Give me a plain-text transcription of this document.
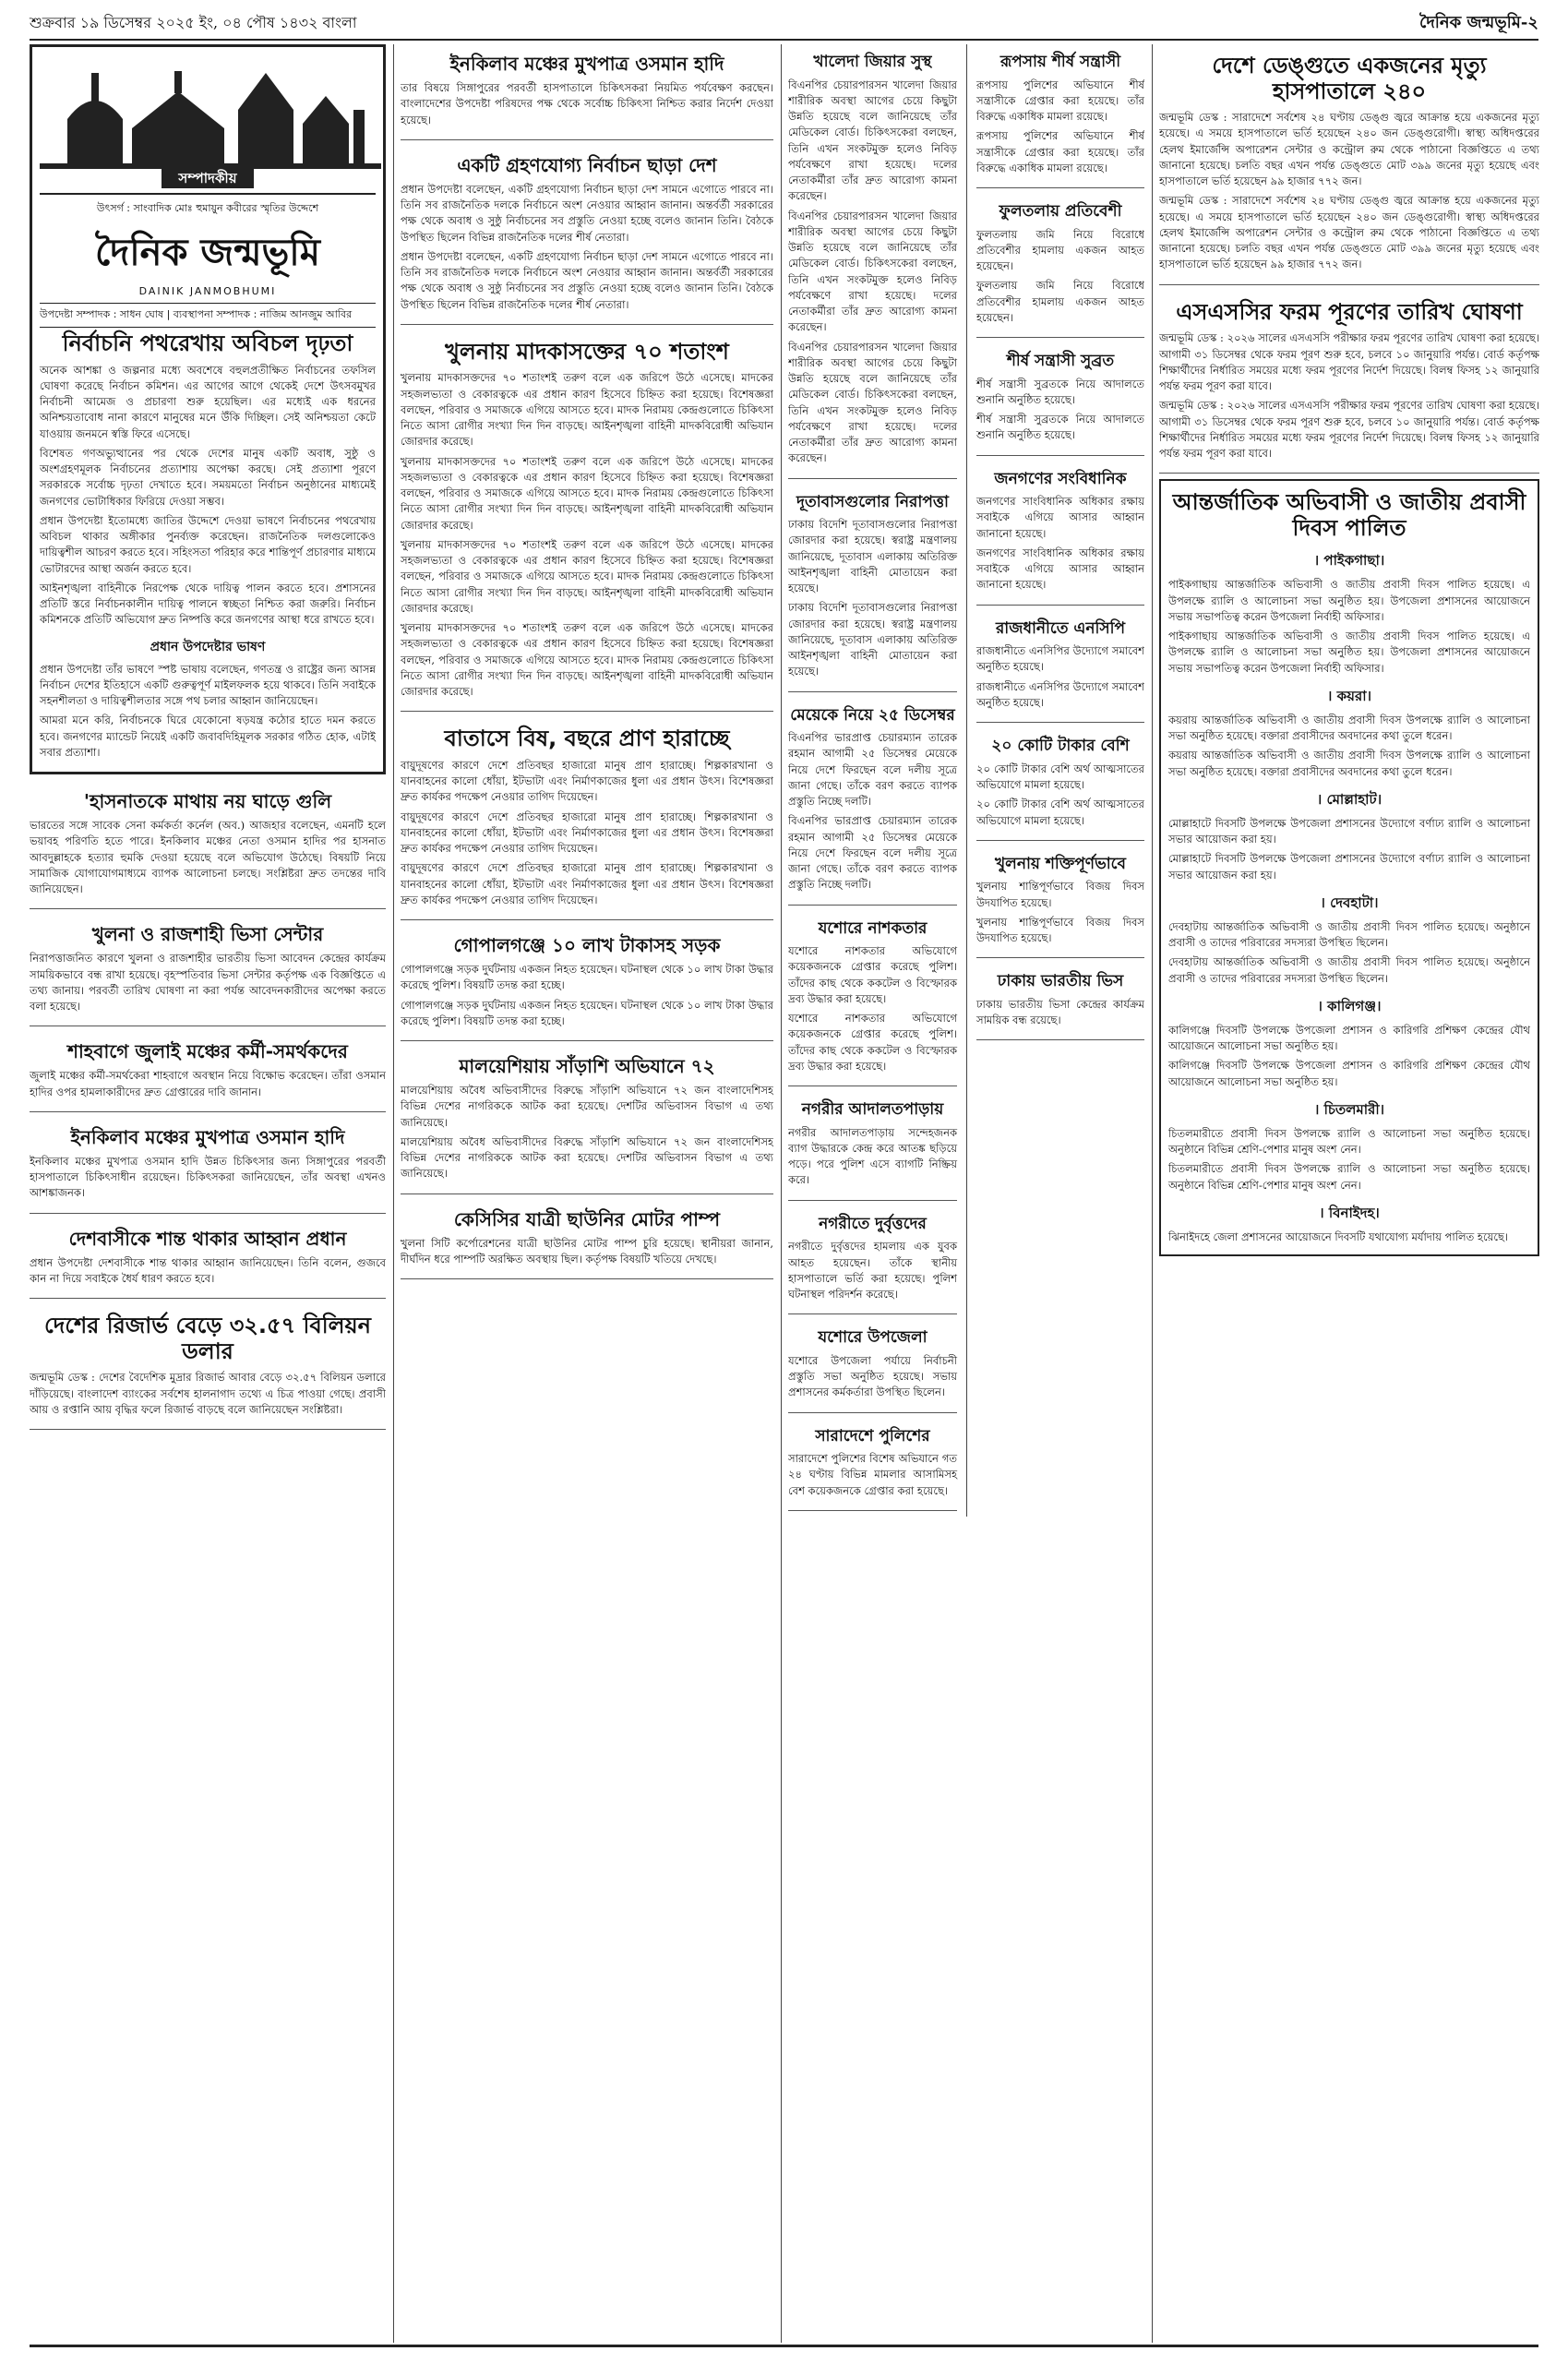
শুক্রবার ১৯ ডিসেম্বর ২০২৫ ইং, ০৪ পৌষ ১৪৩২ বাংলা	দৈনিক জন্মভূমি-২
সম্পাদকীয়
উৎসর্গ : সাংবাদিক মোঃ হুমায়ুন কবীরের স্মৃতির উদ্দেশে
দৈনিক জন্মভূমি
DAINIK JANMOBHUMI
উপদেষ্টা সম্পাদক : সাধন ঘোষ | ব্যবস্থাপনা সম্পাদক : নাজিম আনজুম আবির
নির্বাচনি পথরেখায় অবিচল দৃঢ়তা

অনেক আশঙ্কা ও জল্পনার মধ্যে অবশেষে বহুলপ্রতীক্ষিত নির্বাচনের তফসিল ঘোষণা করেছে নির্বাচন কমিশন। এর আগের আগে থেকেই দেশে উৎসবমুখর নির্বাচনী আমেজ ও প্রচারণা শুরু হয়েছিল। এর মধ্যেই এক ধরনের অনিশ্চয়তাবোধ নানা কারণে মানুষের মনে উঁকি দিচ্ছিল। সেই অনিশ্চয়তা কেটে যাওয়ায় জনমনে স্বস্তি ফিরে এসেছে।

বিশেষত গণঅভ্যুত্থানের পর থেকে দেশের মানুষ একটি অবাধ, সুষ্ঠু ও অংশগ্রহণমূলক নির্বাচনের প্রত্যাশায় অপেক্ষা করছে। সেই প্রত্যাশা পূরণে সরকারকে সর্বোচ্চ দৃঢ়তা দেখাতে হবে। সময়মতো নির্বাচন অনুষ্ঠানের মাধ্যমেই জনগণের ভোটাধিকার ফিরিয়ে দেওয়া সম্ভব।

প্রধান উপদেষ্টা ইতোমধ্যে জাতির উদ্দেশে দেওয়া ভাষণে নির্বাচনের পথরেখায় অবিচল থাকার অঙ্গীকার পুনর্ব্যক্ত করেছেন। রাজনৈতিক দলগুলোকেও দায়িত্বশীল আচরণ করতে হবে। সহিংসতা পরিহার করে শান্তিপূর্ণ প্রচারণার মাধ্যমে ভোটারদের আস্থা অর্জন করতে হবে।

আইনশৃঙ্খলা বাহিনীকে নিরপেক্ষ থেকে দায়িত্ব পালন করতে হবে। প্রশাসনের প্রতিটি স্তরে নির্বাচনকালীন দায়িত্ব পালনে স্বচ্ছতা নিশ্চিত করা জরুরি। নির্বাচন কমিশনকে প্রতিটি অভিযোগ দ্রুত নিষ্পত্তি করে জনগণের আস্থা ধরে রাখতে হবে।

প্রধান উপদেষ্টার ভাষণ

প্রধান উপদেষ্টা তাঁর ভাষণে স্পষ্ট ভাষায় বলেছেন, গণতন্ত্র ও রাষ্ট্রের জন্য আসন্ন নির্বাচন দেশের ইতিহাসে একটি গুরুত্বপূর্ণ মাইলফলক হয়ে থাকবে। তিনি সবাইকে সহনশীলতা ও দায়িত্বশীলতার সঙ্গে পথ চলার আহ্বান জানিয়েছেন।

আমরা মনে করি, নির্বাচনকে ঘিরে যেকোনো ষড়যন্ত্র কঠোর হাতে দমন করতে হবে। জনগণের ম্যান্ডেট নিয়েই একটি জবাবদিহিমূলক সরকার গঠিত হোক, এটাই সবার প্রত্যাশা।

'হাসনাতকে মাথায় নয় ঘাড়ে গুলি

ভারতের সঙ্গে সাবেক সেনা কর্মকর্তা কর্নেল (অব.) আজহার বলেছেন, এমনটি হলে ভয়াবহ পরিণতি হতে পারে। ইনকিলাব মঞ্চের নেতা ওসমান হাদির পর হাসনাত আবদুল্লাহকে হত্যার হুমকি দেওয়া হয়েছে বলে অভিযোগ উঠেছে। বিষয়টি নিয়ে সামাজিক যোগাযোগমাধ্যমে ব্যাপক আলোচনা চলছে। সংশ্লিষ্টরা দ্রুত তদন্তের দাবি জানিয়েছেন।

খুলনা ও রাজশাহী ভিসা সেন্টার

নিরাপত্তাজনিত কারণে খুলনা ও রাজশাহীর ভারতীয় ভিসা আবেদন কেন্দ্রের কার্যক্রম সাময়িকভাবে বন্ধ রাখা হয়েছে। বৃহস্পতিবার ভিসা সেন্টার কর্তৃপক্ষ এক বিজ্ঞপ্তিতে এ তথ্য জানায়। পরবর্তী তারিখ ঘোষণা না করা পর্যন্ত আবেদনকারীদের অপেক্ষা করতে বলা হয়েছে।

শাহবাগে জুলাই মঞ্চের কর্মী-সমর্থকদের

জুলাই মঞ্চের কর্মী-সমর্থকেরা শাহবাগে অবস্থান নিয়ে বিক্ষোভ করেছেন। তাঁরা ওসমান হাদির ওপর হামলাকারীদের দ্রুত গ্রেপ্তারের দাবি জানান।

ইনকিলাব মঞ্চের মুখপাত্র ওসমান হাদি

ইনকিলাব মঞ্চের মুখপাত্র ওসমান হাদি উন্নত চিকিৎসার জন্য সিঙ্গাপুরের পরবর্তী হাসপাতালে চিকিৎসাধীন রয়েছেন। চিকিৎসকরা জানিয়েছেন, তাঁর অবস্থা এখনও আশঙ্কাজনক।

দেশবাসীকে শান্ত থাকার আহ্বান প্রধান

প্রধান উপদেষ্টা দেশবাসীকে শান্ত থাকার আহ্বান জানিয়েছেন। তিনি বলেন, গুজবে কান না দিয়ে সবাইকে ধৈর্য ধারণ করতে হবে।

দেশের রিজার্ভ বেড়ে ৩২.৫৭ বিলিয়ন ডলার

জন্মভূমি ডেস্ক : দেশের বৈদেশিক মুদ্রার রিজার্ভ আবার বেড়ে ৩২.৫৭ বিলিয়ন ডলারে দাঁড়িয়েছে। বাংলাদেশ ব্যাংকের সর্বশেষ হালনাগাদ তথ্যে এ চিত্র পাওয়া গেছে। প্রবাসী আয় ও রপ্তানি আয় বৃদ্ধির ফলে রিজার্ভ বাড়ছে বলে জানিয়েছেন সংশ্লিষ্টরা।

ইনকিলাব মঞ্চের মুখপাত্র ওসমান হাদি

তার বিষয়ে সিঙ্গাপুরের পরবর্তী হাসপাতালে চিকিৎসকরা নিয়মিত পর্যবেক্ষণ করছেন। বাংলাদেশের উপদেষ্টা পরিষদের পক্ষ থেকে সর্বোচ্চ চিকিৎসা নিশ্চিত করার নির্দেশ দেওয়া হয়েছে।

একটি গ্রহণযোগ্য নির্বাচন ছাড়া দেশ

প্রধান উপদেষ্টা বলেছেন, একটি গ্রহণযোগ্য নির্বাচন ছাড়া দেশ সামনে এগোতে পারবে না। তিনি সব রাজনৈতিক দলকে নির্বাচনে অংশ নেওয়ার আহ্বান জানান। অন্তর্বর্তী সরকারের পক্ষ থেকে অবাধ ও সুষ্ঠু নির্বাচনের সব প্রস্তুতি নেওয়া হচ্ছে বলেও জানান তিনি। বৈঠকে উপস্থিত ছিলেন বিভিন্ন রাজনৈতিক দলের শীর্ষ নেতারা।

প্রধান উপদেষ্টা বলেছেন, একটি গ্রহণযোগ্য নির্বাচন ছাড়া দেশ সামনে এগোতে পারবে না। তিনি সব রাজনৈতিক দলকে নির্বাচনে অংশ নেওয়ার আহ্বান জানান। অন্তর্বর্তী সরকারের পক্ষ থেকে অবাধ ও সুষ্ঠু নির্বাচনের সব প্রস্তুতি নেওয়া হচ্ছে বলেও জানান তিনি। বৈঠকে উপস্থিত ছিলেন বিভিন্ন রাজনৈতিক দলের শীর্ষ নেতারা।

খুলনায় মাদকাসক্তের ৭০ শতাংশ

খুলনায় মাদকাসক্তদের ৭০ শতাংশই তরুণ বলে এক জরিপে উঠে এসেছে। মাদকের সহজলভ্যতা ও বেকারত্বকে এর প্রধান কারণ হিসেবে চিহ্নিত করা হয়েছে। বিশেষজ্ঞরা বলছেন, পরিবার ও সমাজকে এগিয়ে আসতে হবে। মাদক নিরাময় কেন্দ্রগুলোতে চিকিৎসা নিতে আসা রোগীর সংখ্যা দিন দিন বাড়ছে। আইনশৃঙ্খলা বাহিনী মাদকবিরোধী অভিযান জোরদার করেছে।

খুলনায় মাদকাসক্তদের ৭০ শতাংশই তরুণ বলে এক জরিপে উঠে এসেছে। মাদকের সহজলভ্যতা ও বেকারত্বকে এর প্রধান কারণ হিসেবে চিহ্নিত করা হয়েছে। বিশেষজ্ঞরা বলছেন, পরিবার ও সমাজকে এগিয়ে আসতে হবে। মাদক নিরাময় কেন্দ্রগুলোতে চিকিৎসা নিতে আসা রোগীর সংখ্যা দিন দিন বাড়ছে। আইনশৃঙ্খলা বাহিনী মাদকবিরোধী অভিযান জোরদার করেছে।

খুলনায় মাদকাসক্তদের ৭০ শতাংশই তরুণ বলে এক জরিপে উঠে এসেছে। মাদকের সহজলভ্যতা ও বেকারত্বকে এর প্রধান কারণ হিসেবে চিহ্নিত করা হয়েছে। বিশেষজ্ঞরা বলছেন, পরিবার ও সমাজকে এগিয়ে আসতে হবে। মাদক নিরাময় কেন্দ্রগুলোতে চিকিৎসা নিতে আসা রোগীর সংখ্যা দিন দিন বাড়ছে। আইনশৃঙ্খলা বাহিনী মাদকবিরোধী অভিযান জোরদার করেছে।

খুলনায় মাদকাসক্তদের ৭০ শতাংশই তরুণ বলে এক জরিপে উঠে এসেছে। মাদকের সহজলভ্যতা ও বেকারত্বকে এর প্রধান কারণ হিসেবে চিহ্নিত করা হয়েছে। বিশেষজ্ঞরা বলছেন, পরিবার ও সমাজকে এগিয়ে আসতে হবে। মাদক নিরাময় কেন্দ্রগুলোতে চিকিৎসা নিতে আসা রোগীর সংখ্যা দিন দিন বাড়ছে। আইনশৃঙ্খলা বাহিনী মাদকবিরোধী অভিযান জোরদার করেছে।

বাতাসে বিষ, বছরে প্রাণ হারাচ্ছে

বায়ুদূষণের কারণে দেশে প্রতিবছর হাজারো মানুষ প্রাণ হারাচ্ছে। শিল্পকারখানা ও যানবাহনের কালো ধোঁয়া, ইটভাটা এবং নির্মাণকাজের ধুলা এর প্রধান উৎস। বিশেষজ্ঞরা দ্রুত কার্যকর পদক্ষেপ নেওয়ার তাগিদ দিয়েছেন।

বায়ুদূষণের কারণে দেশে প্রতিবছর হাজারো মানুষ প্রাণ হারাচ্ছে। শিল্পকারখানা ও যানবাহনের কালো ধোঁয়া, ইটভাটা এবং নির্মাণকাজের ধুলা এর প্রধান উৎস। বিশেষজ্ঞরা দ্রুত কার্যকর পদক্ষেপ নেওয়ার তাগিদ দিয়েছেন।

বায়ুদূষণের কারণে দেশে প্রতিবছর হাজারো মানুষ প্রাণ হারাচ্ছে। শিল্পকারখানা ও যানবাহনের কালো ধোঁয়া, ইটভাটা এবং নির্মাণকাজের ধুলা এর প্রধান উৎস। বিশেষজ্ঞরা দ্রুত কার্যকর পদক্ষেপ নেওয়ার তাগিদ দিয়েছেন।

গোপালগঞ্জে ১০ লাখ টাকাসহ সড়ক

গোপালগঞ্জে সড়ক দুর্ঘটনায় একজন নিহত হয়েছেন। ঘটনাস্থল থেকে ১০ লাখ টাকা উদ্ধার করেছে পুলিশ। বিষয়টি তদন্ত করা হচ্ছে।

গোপালগঞ্জে সড়ক দুর্ঘটনায় একজন নিহত হয়েছেন। ঘটনাস্থল থেকে ১০ লাখ টাকা উদ্ধার করেছে পুলিশ। বিষয়টি তদন্ত করা হচ্ছে।

মালয়েশিয়ায় সাঁড়াশি অভিযানে ৭২

মালয়েশিয়ায় অবৈধ অভিবাসীদের বিরুদ্ধে সাঁড়াশি অভিযানে ৭২ জন বাংলাদেশিসহ বিভিন্ন দেশের নাগরিককে আটক করা হয়েছে। দেশটির অভিবাসন বিভাগ এ তথ্য জানিয়েছে।

মালয়েশিয়ায় অবৈধ অভিবাসীদের বিরুদ্ধে সাঁড়াশি অভিযানে ৭২ জন বাংলাদেশিসহ বিভিন্ন দেশের নাগরিককে আটক করা হয়েছে। দেশটির অভিবাসন বিভাগ এ তথ্য জানিয়েছে।

কেসিসির যাত্রী ছাউনির মোটর পাম্প

খুলনা সিটি কর্পোরেশনের যাত্রী ছাউনির মোটর পাম্প চুরি হয়েছে। স্থানীয়রা জানান, দীর্ঘদিন ধরে পাম্পটি অরক্ষিত অবস্থায় ছিল। কর্তৃপক্ষ বিষয়টি খতিয়ে দেখছে।

খালেদা জিয়ার সুস্থ

বিএনপির চেয়ারপারসন খালেদা জিয়ার শারীরিক অবস্থা আগের চেয়ে কিছুটা উন্নতি হয়েছে বলে জানিয়েছে তাঁর মেডিকেল বোর্ড। চিকিৎসকেরা বলছেন, তিনি এখন সংকটমুক্ত হলেও নিবিড় পর্যবেক্ষণে রাখা হয়েছে। দলের নেতাকর্মীরা তাঁর দ্রুত আরোগ্য কামনা করেছেন।

বিএনপির চেয়ারপারসন খালেদা জিয়ার শারীরিক অবস্থা আগের চেয়ে কিছুটা উন্নতি হয়েছে বলে জানিয়েছে তাঁর মেডিকেল বোর্ড। চিকিৎসকেরা বলছেন, তিনি এখন সংকটমুক্ত হলেও নিবিড় পর্যবেক্ষণে রাখা হয়েছে। দলের নেতাকর্মীরা তাঁর দ্রুত আরোগ্য কামনা করেছেন।

বিএনপির চেয়ারপারসন খালেদা জিয়ার শারীরিক অবস্থা আগের চেয়ে কিছুটা উন্নতি হয়েছে বলে জানিয়েছে তাঁর মেডিকেল বোর্ড। চিকিৎসকেরা বলছেন, তিনি এখন সংকটমুক্ত হলেও নিবিড় পর্যবেক্ষণে রাখা হয়েছে। দলের নেতাকর্মীরা তাঁর দ্রুত আরোগ্য কামনা করেছেন।

দূতাবাসগুলোর নিরাপত্তা

ঢাকায় বিদেশি দূতাবাসগুলোর নিরাপত্তা জোরদার করা হয়েছে। স্বরাষ্ট্র মন্ত্রণালয় জানিয়েছে, দূতাবাস এলাকায় অতিরিক্ত আইনশৃঙ্খলা বাহিনী মোতায়েন করা হয়েছে।

ঢাকায় বিদেশি দূতাবাসগুলোর নিরাপত্তা জোরদার করা হয়েছে। স্বরাষ্ট্র মন্ত্রণালয় জানিয়েছে, দূতাবাস এলাকায় অতিরিক্ত আইনশৃঙ্খলা বাহিনী মোতায়েন করা হয়েছে।

মেয়েকে নিয়ে ২৫ ডিসেম্বর

বিএনপির ভারপ্রাপ্ত চেয়ারম্যান তারেক রহমান আগামী ২৫ ডিসেম্বর মেয়েকে নিয়ে দেশে ফিরছেন বলে দলীয় সূত্রে জানা গেছে। তাঁকে বরণ করতে ব্যাপক প্রস্তুতি নিচ্ছে দলটি।

বিএনপির ভারপ্রাপ্ত চেয়ারম্যান তারেক রহমান আগামী ২৫ ডিসেম্বর মেয়েকে নিয়ে দেশে ফিরছেন বলে দলীয় সূত্রে জানা গেছে। তাঁকে বরণ করতে ব্যাপক প্রস্তুতি নিচ্ছে দলটি।

যশোরে নাশকতার

যশোরে নাশকতার অভিযোগে কয়েকজনকে গ্রেপ্তার করেছে পুলিশ। তাঁদের কাছ থেকে ককটেল ও বিস্ফোরক দ্রব্য উদ্ধার করা হয়েছে।

যশোরে নাশকতার অভিযোগে কয়েকজনকে গ্রেপ্তার করেছে পুলিশ। তাঁদের কাছ থেকে ককটেল ও বিস্ফোরক দ্রব্য উদ্ধার করা হয়েছে।

নগরীর আদালতপাড়ায়

নগরীর আদালতপাড়ায় সন্দেহজনক ব্যাগ উদ্ধারকে কেন্দ্র করে আতঙ্ক ছড়িয়ে পড়ে। পরে পুলিশ এসে ব্যাগটি নিষ্ক্রিয় করে।

নগরীতে দুর্বৃত্তদের

নগরীতে দুর্বৃত্তদের হামলায় এক যুবক আহত হয়েছেন। তাঁকে স্থানীয় হাসপাতালে ভর্তি করা হয়েছে। পুলিশ ঘটনাস্থল পরিদর্শন করেছে।

যশোরে উপজেলা

যশোরে উপজেলা পর্যায়ে নির্বাচনী প্রস্তুতি সভা অনুষ্ঠিত হয়েছে। সভায় প্রশাসনের কর্মকর্তারা উপস্থিত ছিলেন।

সারাদেশে পুলিশের

সারাদেশে পুলিশের বিশেষ অভিযানে গত ২৪ ঘণ্টায় বিভিন্ন মামলার আসামিসহ বেশ কয়েকজনকে গ্রেপ্তার করা হয়েছে।

রূপসায় শীর্ষ সন্ত্রাসী

রূপসায় পুলিশের অভিযানে শীর্ষ সন্ত্রাসীকে গ্রেপ্তার করা হয়েছে। তাঁর বিরুদ্ধে একাধিক মামলা রয়েছে।

রূপসায় পুলিশের অভিযানে শীর্ষ সন্ত্রাসীকে গ্রেপ্তার করা হয়েছে। তাঁর বিরুদ্ধে একাধিক মামলা রয়েছে।

ফুলতলায় প্রতিবেশী

ফুলতলায় জমি নিয়ে বিরোধে প্রতিবেশীর হামলায় একজন আহত হয়েছেন।

ফুলতলায় জমি নিয়ে বিরোধে প্রতিবেশীর হামলায় একজন আহত হয়েছেন।

শীর্ষ সন্ত্রাসী সুব্রত

শীর্ষ সন্ত্রাসী সুব্রতকে নিয়ে আদালতে শুনানি অনুষ্ঠিত হয়েছে।

শীর্ষ সন্ত্রাসী সুব্রতকে নিয়ে আদালতে শুনানি অনুষ্ঠিত হয়েছে।

জনগণের সংবিধানিক

জনগণের সাংবিধানিক অধিকার রক্ষায় সবাইকে এগিয়ে আসার আহ্বান জানানো হয়েছে।

জনগণের সাংবিধানিক অধিকার রক্ষায় সবাইকে এগিয়ে আসার আহ্বান জানানো হয়েছে।

রাজধানীতে এনসিপি

রাজধানীতে এনসিপির উদ্যোগে সমাবেশ অনুষ্ঠিত হয়েছে।

রাজধানীতে এনসিপির উদ্যোগে সমাবেশ অনুষ্ঠিত হয়েছে।

২০ কোটি টাকার বেশি

২০ কোটি টাকার বেশি অর্থ আত্মসাতের অভিযোগে মামলা হয়েছে।

২০ কোটি টাকার বেশি অর্থ আত্মসাতের অভিযোগে মামলা হয়েছে।

খুলনায় শক্তিপূর্ণভাবে

খুলনায় শান্তিপূর্ণভাবে বিজয় দিবস উদযাপিত হয়েছে।

খুলনায় শান্তিপূর্ণভাবে বিজয় দিবস উদযাপিত হয়েছে।

ঢাকায় ভারতীয় ভিস

ঢাকায় ভারতীয় ভিসা কেন্দ্রের কার্যক্রম সাময়িক বন্ধ রয়েছে।

দেশে ডেঙ্গুতে একজনের মৃত্যু হাসপাতালে ২৪০

জন্মভূমি ডেস্ক : সারাদেশে সর্বশেষ ২৪ ঘণ্টায় ডেঙ্গু জ্বরে আক্রান্ত হয়ে একজনের মৃত্যু হয়েছে। এ সময়ে হাসপাতালে ভর্তি হয়েছেন ২৪০ জন ডেঙ্গুরোগী। স্বাস্থ্য অধিদপ্তরের হেলথ ইমার্জেন্সি অপারেশন সেন্টার ও কন্ট্রোল রুম থেকে পাঠানো বিজ্ঞপ্তিতে এ তথ্য জানানো হয়েছে। চলতি বছর এখন পর্যন্ত ডেঙ্গুতে মোট ৩৯৯ জনের মৃত্যু হয়েছে এবং হাসপাতালে ভর্তি হয়েছেন ৯৯ হাজার ৭৭২ জন।

জন্মভূমি ডেস্ক : সারাদেশে সর্বশেষ ২৪ ঘণ্টায় ডেঙ্গু জ্বরে আক্রান্ত হয়ে একজনের মৃত্যু হয়েছে। এ সময়ে হাসপাতালে ভর্তি হয়েছেন ২৪০ জন ডেঙ্গুরোগী। স্বাস্থ্য অধিদপ্তরের হেলথ ইমার্জেন্সি অপারেশন সেন্টার ও কন্ট্রোল রুম থেকে পাঠানো বিজ্ঞপ্তিতে এ তথ্য জানানো হয়েছে। চলতি বছর এখন পর্যন্ত ডেঙ্গুতে মোট ৩৯৯ জনের মৃত্যু হয়েছে এবং হাসপাতালে ভর্তি হয়েছেন ৯৯ হাজার ৭৭২ জন।

এসএসসির ফরম পূরণের তারিখ ঘোষণা

জন্মভূমি ডেস্ক : ২০২৬ সালের এসএসসি পরীক্ষার ফরম পূরণের তারিখ ঘোষণা করা হয়েছে। আগামী ৩১ ডিসেম্বর থেকে ফরম পূরণ শুরু হবে, চলবে ১০ জানুয়ারি পর্যন্ত। বোর্ড কর্তৃপক্ষ শিক্ষার্থীদের নির্ধারিত সময়ের মধ্যে ফরম পূরণের নির্দেশ দিয়েছে। বিলম্ব ফিসহ ১২ জানুয়ারি পর্যন্ত ফরম পূরণ করা যাবে।

জন্মভূমি ডেস্ক : ২০২৬ সালের এসএসসি পরীক্ষার ফরম পূরণের তারিখ ঘোষণা করা হয়েছে। আগামী ৩১ ডিসেম্বর থেকে ফরম পূরণ শুরু হবে, চলবে ১০ জানুয়ারি পর্যন্ত। বোর্ড কর্তৃপক্ষ শিক্ষার্থীদের নির্ধারিত সময়ের মধ্যে ফরম পূরণের নির্দেশ দিয়েছে। বিলম্ব ফিসহ ১২ জানুয়ারি পর্যন্ত ফরম পূরণ করা যাবে।

আন্তর্জাতিক অভিবাসী ও জাতীয় প্রবাসী দিবস পালিত
। পাইকগাছা।

পাইকগাছায় আন্তর্জাতিক অভিবাসী ও জাতীয় প্রবাসী দিবস পালিত হয়েছে। এ উপলক্ষে র‍্যালি ও আলোচনা সভা অনুষ্ঠিত হয়। উপজেলা প্রশাসনের আয়োজনে সভায় সভাপতিত্ব করেন উপজেলা নির্বাহী অফিসার।

পাইকগাছায় আন্তর্জাতিক অভিবাসী ও জাতীয় প্রবাসী দিবস পালিত হয়েছে। এ উপলক্ষে র‍্যালি ও আলোচনা সভা অনুষ্ঠিত হয়। উপজেলা প্রশাসনের আয়োজনে সভায় সভাপতিত্ব করেন উপজেলা নির্বাহী অফিসার।

। কয়রা।

কয়রায় আন্তর্জাতিক অভিবাসী ও জাতীয় প্রবাসী দিবস উপলক্ষে র‍্যালি ও আলোচনা সভা অনুষ্ঠিত হয়েছে। বক্তারা প্রবাসীদের অবদানের কথা তুলে ধরেন।

কয়রায় আন্তর্জাতিক অভিবাসী ও জাতীয় প্রবাসী দিবস উপলক্ষে র‍্যালি ও আলোচনা সভা অনুষ্ঠিত হয়েছে। বক্তারা প্রবাসীদের অবদানের কথা তুলে ধরেন।

। মোল্লাহাট।

মোল্লাহাটে দিবসটি উপলক্ষে উপজেলা প্রশাসনের উদ্যোগে বর্ণাঢ্য র‍্যালি ও আলোচনা সভার আয়োজন করা হয়।

মোল্লাহাটে দিবসটি উপলক্ষে উপজেলা প্রশাসনের উদ্যোগে বর্ণাঢ্য র‍্যালি ও আলোচনা সভার আয়োজন করা হয়।

। দেবহাটা।

দেবহাটায় আন্তর্জাতিক অভিবাসী ও জাতীয় প্রবাসী দিবস পালিত হয়েছে। অনুষ্ঠানে প্রবাসী ও তাদের পরিবারের সদস্যরা উপস্থিত ছিলেন।

দেবহাটায় আন্তর্জাতিক অভিবাসী ও জাতীয় প্রবাসী দিবস পালিত হয়েছে। অনুষ্ঠানে প্রবাসী ও তাদের পরিবারের সদস্যরা উপস্থিত ছিলেন।

। কালিগঞ্জ।

কালিগঞ্জে দিবসটি উপলক্ষে উপজেলা প্রশাসন ও কারিগরি প্রশিক্ষণ কেন্দ্রের যৌথ আয়োজনে আলোচনা সভা অনুষ্ঠিত হয়।

কালিগঞ্জে দিবসটি উপলক্ষে উপজেলা প্রশাসন ও কারিগরি প্রশিক্ষণ কেন্দ্রের যৌথ আয়োজনে আলোচনা সভা অনুষ্ঠিত হয়।

। চিতলমারী।

চিতলমারীতে প্রবাসী দিবস উপলক্ষে র‍্যালি ও আলোচনা সভা অনুষ্ঠিত হয়েছে। অনুষ্ঠানে বিভিন্ন শ্রেণি-পেশার মানুষ অংশ নেন।

চিতলমারীতে প্রবাসী দিবস উপলক্ষে র‍্যালি ও আলোচনা সভা অনুষ্ঠিত হয়েছে। অনুষ্ঠানে বিভিন্ন শ্রেণি-পেশার মানুষ অংশ নেন।

। বিনাইদহ।

ঝিনাইদহে জেলা প্রশাসনের আয়োজনে দিবসটি যথাযোগ্য মর্যাদায় পালিত হয়েছে।
